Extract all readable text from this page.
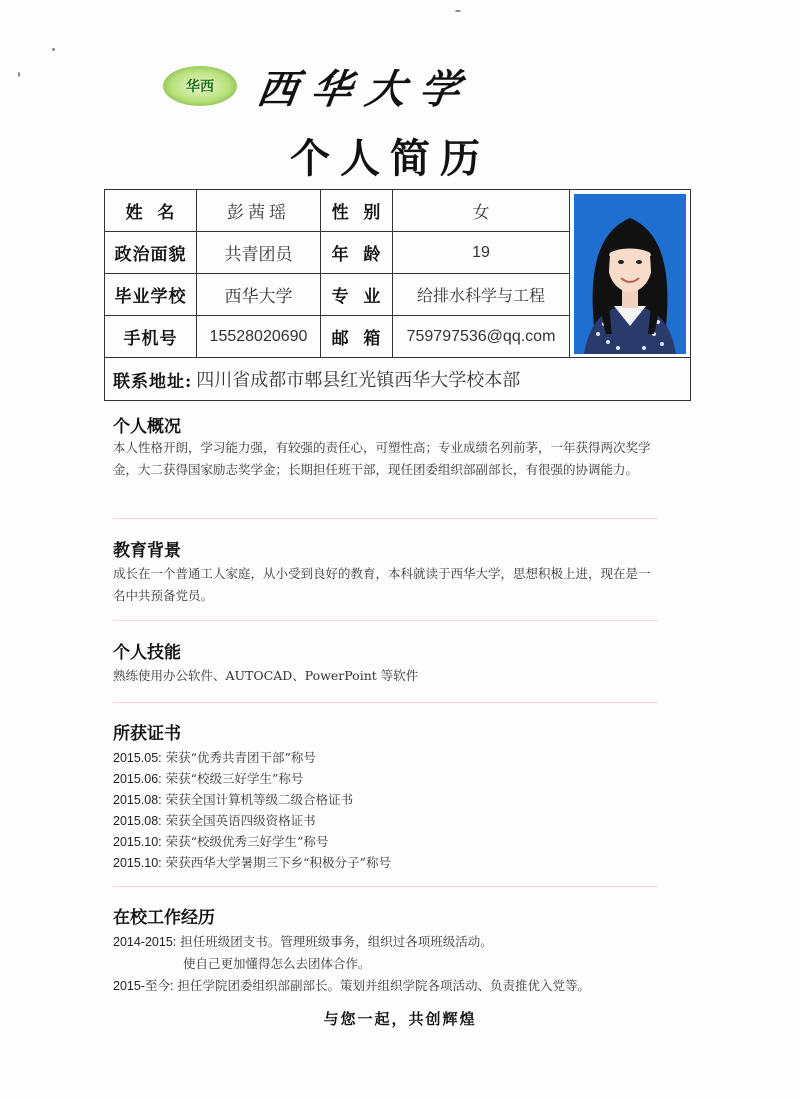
华西 西华大学
个人简历
姓  名	彭茜瑶	性  别	女
政治面貌	共青团员	年  龄	19
毕业学校	西华大学	专  业	给排水科学与工程
手机号	15528020690	邮  箱	759797536@qq.com
联系地址: 四川省成都市郫县红光镇西华大学校本部
个人概况
本人性格开朗，学习能力强，有较强的责任心，可塑性高；专业成绩名列前茅，一年获得两次奖学金，大二获得国家励志奖学金；长期担任班干部，现任团委组织部副部长，有很强的协调能力。
教育背景
成长在一个普通工人家庭，从小受到良好的教育，本科就读于西华大学，思想积极上进，现在是一名中共预备党员。
个人技能
熟练使用办公软件、AUTOCAD、PowerPoint 等软件
所获证书
2015.05: 荣获“优秀共青团干部”称号
2015.06: 荣获“校级三好学生”称号
2015.08: 荣获全国计算机等级二级合格证书
2015.08: 荣获全国英语四级资格证书
2015.10: 荣获“校级优秀三好学生”称号
2015.10: 荣获西华大学暑期三下乡“积极分子”称号
在校工作经历
2014-2015: 担任班级团支书。管理班级事务，组织过各项班级活动。
使自己更加懂得怎么去团体合作。
2015-至今: 担任学院团委组织部副部长。策划并组织学院各项活动、负责推优入党等。
与您一起，共创辉煌
